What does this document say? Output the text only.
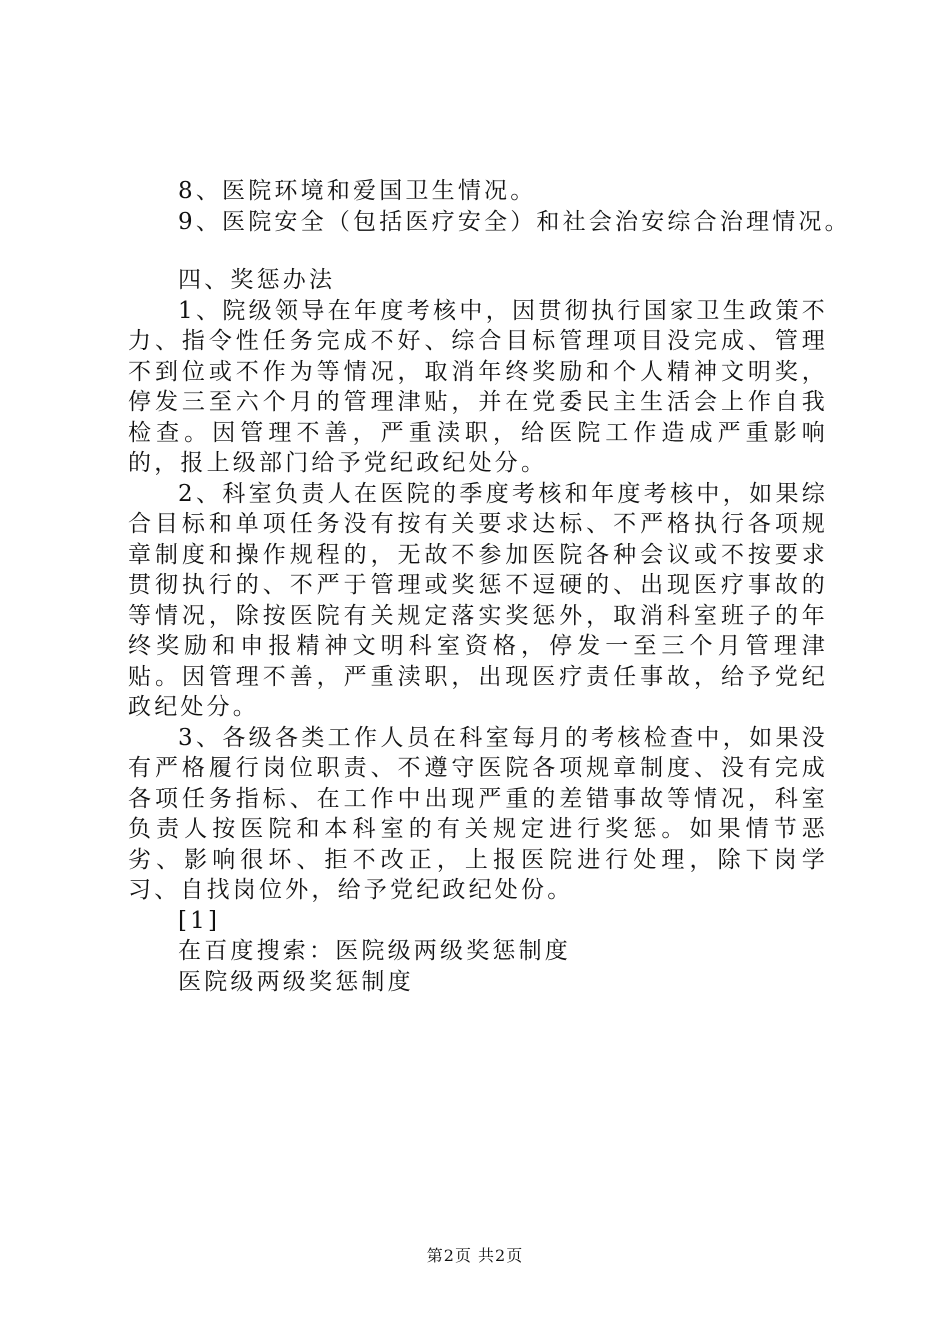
8、医院环境和爱国卫生情况。

9、医院安全（包括医疗安全）和社会治安综合治理情况。

四、奖惩办法

1、院级领导在年度考核中，因贯彻执行国家卫生政策不力、指令性任务完成不好、综合目标管理项目没完成、管理不到位或不作为等情况，取消年终奖励和个人精神文明奖，停发三至六个月的管理津贴，并在党委民主生活会上作自我检查。因管理不善，严重渎职，给医院工作造成严重影响的，报上级部门给予党纪政纪处分。

2、科室负责人在医院的季度考核和年度考核中，如果综合目标和单项任务没有按有关要求达标、不严格执行各项规章制度和操作规程的，无故不参加医院各种会议或不按要求贯彻执行的、不严于管理或奖惩不逗硬的、出现医疗事故的等情况，除按医院有关规定落实奖惩外，取消科室班子的年终奖励和申报精神文明科室资格，停发一至三个月管理津贴。因管理不善，严重渎职，出现医疗责任事故，给予党纪政纪处分。

3、各级各类工作人员在科室每月的考核检查中，如果没有严格履行岗位职责、不遵守医院各项规章制度、没有完成各项任务指标、在工作中出现严重的差错事故等情况，科室负责人按医院和本科室的有关规定进行奖惩。如果情节恶劣、影响很坏、拒不改正，上报医院进行处理，除下岗学习、自找岗位外，给予党纪政纪处份。

[1]

在百度搜索：医院级两级奖惩制度

医院级两级奖惩制度

第2页 共2页
